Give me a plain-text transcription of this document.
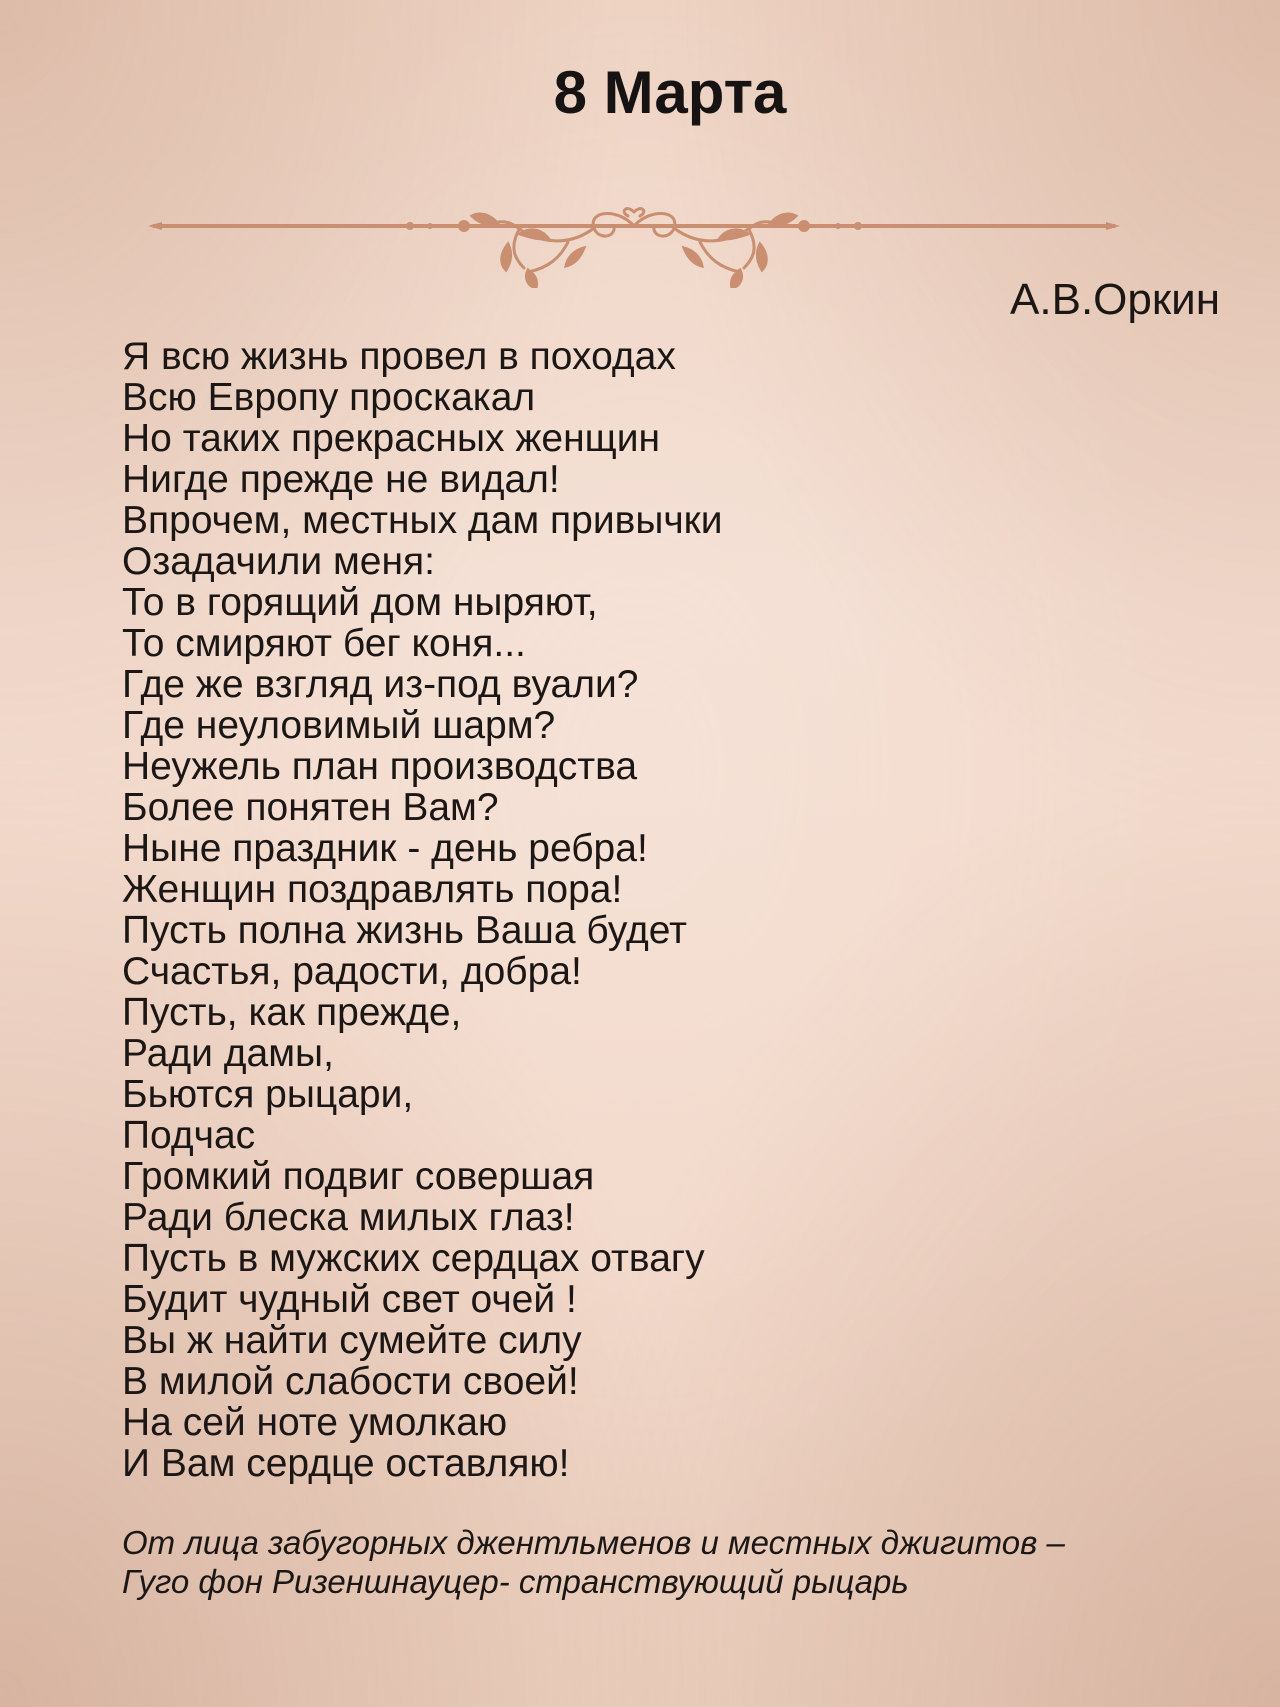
8 Марта
А.В.Оркин
Я всю жизнь провел в походах
Всю Европу проскакал
Но таких прекрасных женщин
Нигде прежде не видал!
Впрочем, местных дам привычки
Озадачили меня:
То в горящий дом ныряют,
То смиряют бег коня...
Где же взгляд из-под вуали?
Где неуловимый шарм?
Неужель план производства
Более понятен Вам?
Ныне праздник - день ребра!
Женщин поздравлять пора!
Пусть полна жизнь Ваша будет
Счастья, радости, добра!
Пусть, как прежде,
Ради дамы,
Бьются рыцари,
Подчас
Громкий подвиг совершая
Ради блеска милых глаз!
Пусть в мужских сердцах отвагу
Будит чудный свет очей !
Вы ж найти сумейте силу
В милой слабости своей!
На сей ноте умолкаю
И Вам сердце оставляю!
От лица забугорных джентльменов и местных джигитов –
Гуго фон Ризеншнауцер- странствующий рыцарь
